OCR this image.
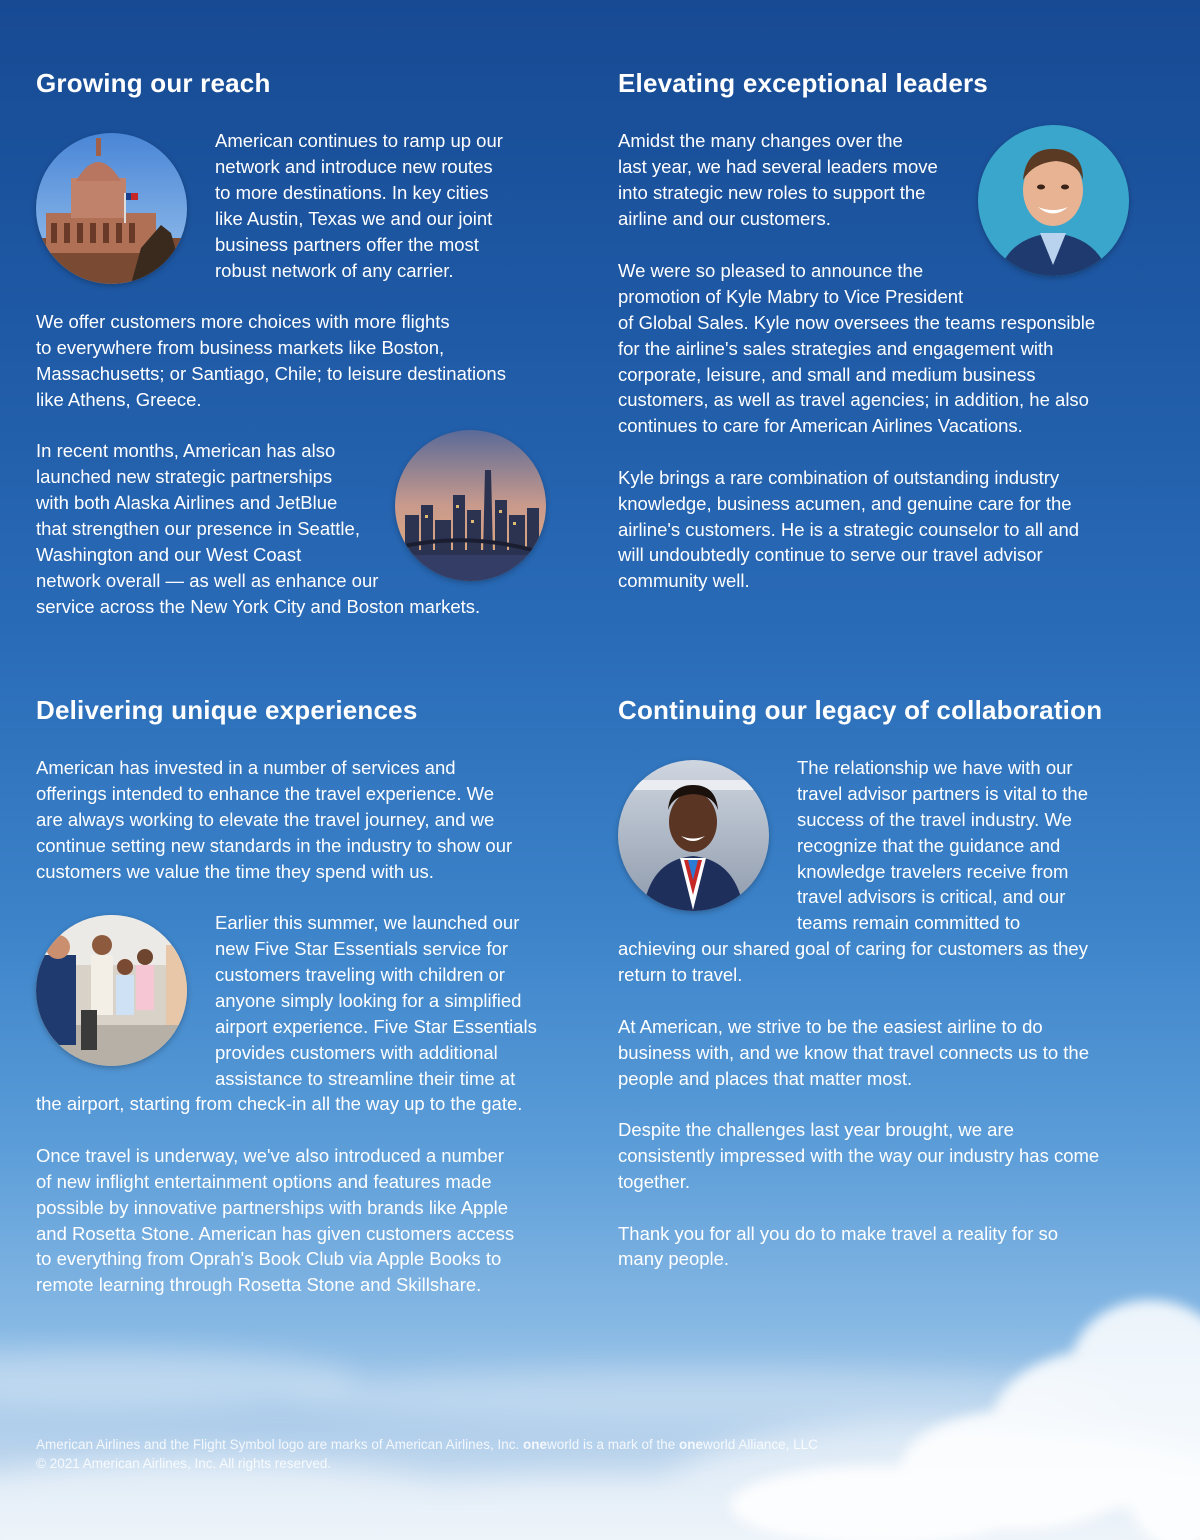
Growing our reach
American continues to ramp up our
network and introduce new routes
to more destinations. In key cities
like Austin, Texas we and our joint
business partners offer the most
robust network of any carrier.
We offer customers more choices with more flights
to everywhere from business markets like Boston,
Massachusetts; or Santiago, Chile; to leisure destinations
like Athens, Greece.
In recent months, American has also
launched new strategic partnerships
with both Alaska Airlines and JetBlue
that strengthen our presence in Seattle,
Washington and our West Coast
network overall — as well as enhance our
service across the New York City and Boston markets.
Elevating exceptional leaders
Amidst the many changes over the
last year, we had several leaders move
into strategic new roles to support the
airline and our customers.
We were so pleased to announce the
promotion of Kyle Mabry to Vice President
of Global Sales. Kyle now oversees the teams responsible
for the airline's sales strategies and engagement with
corporate, leisure, and small and medium business
customers, as well as travel agencies; in addition, he also
continues to care for American Airlines Vacations.
Kyle brings a rare combination of outstanding industry
knowledge, business acumen, and genuine care for the
airline's customers. He is a strategic counselor to all and
will undoubtedly continue to serve our travel advisor
community well.
Delivering unique experiences
American has invested in a number of services and
offerings intended to enhance the travel experience. We
are always working to elevate the travel journey, and we
continue setting new standards in the industry to show our
customers we value the time they spend with us.
Earlier this summer, we launched our
new Five Star Essentials service for
customers traveling with children or
anyone simply looking for a simplified
airport experience. Five Star Essentials
provides customers with additional
assistance to streamline their time at
the airport, starting from check-in all the way up to the gate.
Once travel is underway, we've also introduced a number
of new inflight entertainment options and features made
possible by innovative partnerships with brands like Apple
and Rosetta Stone. American has given customers access
to everything from Oprah's Book Club via Apple Books to
remote learning through Rosetta Stone and Skillshare.
Continuing our legacy of collaboration
The relationship we have with our
travel advisor partners is vital to the
success of the travel industry. We
recognize that the guidance and
knowledge travelers receive from
travel advisors is critical, and our
teams remain committed to
achieving our shared goal of caring for customers as they
return to travel.
At American, we strive to be the easiest airline to do
business with, and we know that travel connects us to the
people and places that matter most.
Despite the challenges last year brought, we are
consistently impressed with the way our industry has come
together.
Thank you for all you do to make travel a reality for so
many people.
American Airlines and the Flight Symbol logo are marks of American Airlines, Inc. oneworld is a mark of the oneworld Alliance, LLC
© 2021 American Airlines, Inc. All rights reserved.
